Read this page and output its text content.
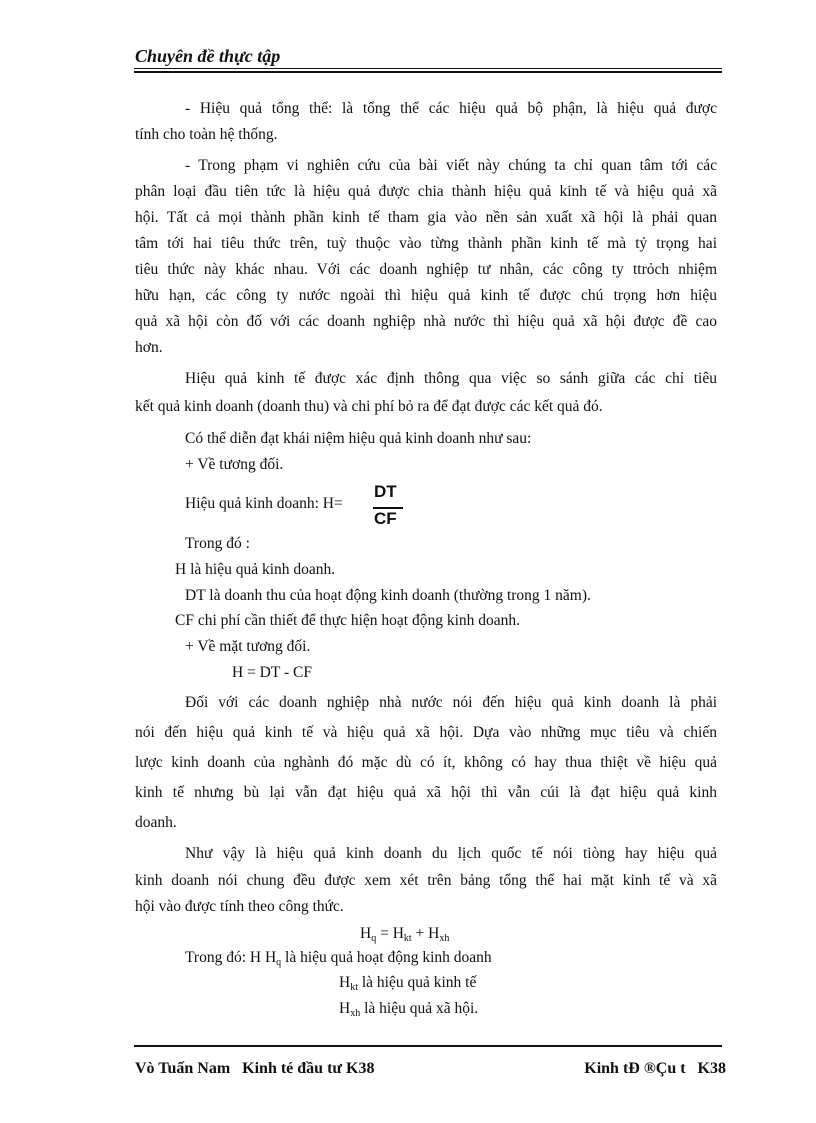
Chuyên đề thực tập
- Hiệu quả tổng thể: là tổng thể các hiệu quả bộ phận, là hiệu quả được
tính cho toàn hệ thống.
- Trong phạm vi nghiên cứu của bài viết này chúng ta chỉ quan tâm tới các
phân loại đầu tiên tức là hiệu quả được chia thành hiệu quả kinh tế và hiệu quả xã
hội. Tất cả mọi thành phần kinh tế tham gia vào nền sản xuất xã hội là phải quan
tâm tới hai tiêu thức trên, tuỳ thuộc vào từng thành phần kinh tế mà tỷ trọng hai
tiêu thức này khác nhau. Với các doanh nghiệp tư nhân, các công ty ttrỏch nhiệm
hữu hạn, các công ty nước ngoài thì hiệu quả kinh tế được chú trọng hơn hiệu
quả xã hội còn đố với các doanh nghiệp nhà nước thì hiệu quả xã hội được đề cao
hơn.
Hiệu quả kinh tế được xác định thông qua việc so sánh giữa các chỉ tiêu
kết quả kinh doanh (doanh thu) và chi phí bỏ ra để đạt được các kết quả đó.
Có thể diễn đạt khái niệm hiệu quả kinh doanh như sau:
+ Về tương đối.
Hiệu quả kinh doanh: H=
DT
CF
Trong đó :
H là hiệu quả kinh doanh.
DT là doanh thu của hoạt động kinh doanh (thường trong 1 năm).
CF chi phí cần thiết để thực hiện hoạt động kinh doanh.
+ Về mặt tương đối.
H = DT - CF
Đối với các doanh nghiệp nhà nước nói đến hiệu quả kinh doanh là phải
nói đến hiệu quả kinh tế và hiệu quả xã hội. Dựa vào những mục tiêu và chiến
lược kinh doanh của nghành đó mặc dù có ít, không có hay thua thiệt về hiệu quả
kinh tế nhưng bù lại vẫn đạt hiệu quả xã hội thì vẫn cúi là đạt hiệu quả kinh
doanh.
Như vậy là hiệu quả kinh doanh du lịch quốc tế nói tiòng hay hiệu quả
kinh doanh nói chung đều được xem xét trên bảng tổng thể hai mặt kinh tế và xã
hội vào được tính theo công thức.
$H_q = H_{kt} + H_{xh}$
Trong đó: H $H_q$ là hiệu quả hoạt động kinh doanh
$H_{kt}$ là hiệu quả kinh tế
$H_{xh}$ là hiệu quả xã hội.
Vò Tuấn Nam   Kinh té đầu tư K38	Kinh tĐ ®Çu t   K38
